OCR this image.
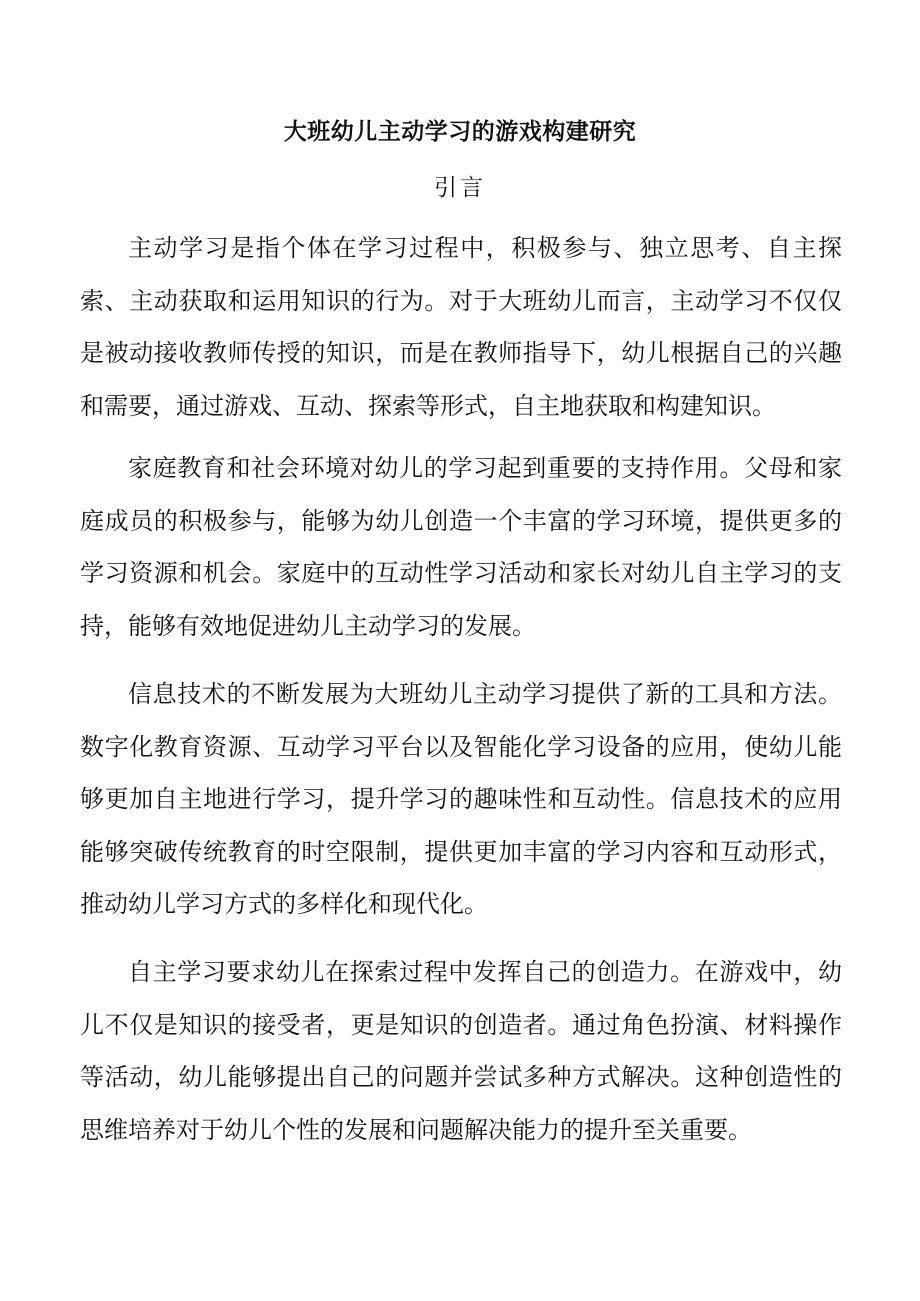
大班幼儿主动学习的游戏构建研究
引言

主动学习是指个体在学习过程中，积极参与、独立思考、自主探索、主动获取和运用知识的行为。对于大班幼儿而言，主动学习不仅仅是被动接收教师传授的知识，而是在教师指导下，幼儿根据自己的兴趣和需要，通过游戏、互动、探索等形式，自主地获取和构建知识。

家庭教育和社会环境对幼儿的学习起到重要的支持作用。父母和家庭成员的积极参与，能够为幼儿创造一个丰富的学习环境，提供更多的学习资源和机会。家庭中的互动性学习活动和家长对幼儿自主学习的支持，能够有效地促进幼儿主动学习的发展。

信息技术的不断发展为大班幼儿主动学习提供了新的工具和方法。数字化教育资源、互动学习平台以及智能化学习设备的应用，使幼儿能够更加自主地进行学习，提升学习的趣味性和互动性。信息技术的应用能够突破传统教育的时空限制，提供更加丰富的学习内容和互动形式，推动幼儿学习方式的多样化和现代化。

自主学习要求幼儿在探索过程中发挥自己的创造力。在游戏中，幼儿不仅是知识的接受者，更是知识的创造者。通过角色扮演、材料操作等活动，幼儿能够提出自己的问题并尝试多种方式解决。这种创造性的思维培养对于幼儿个性的发展和问题解决能力的提升至关重要。
